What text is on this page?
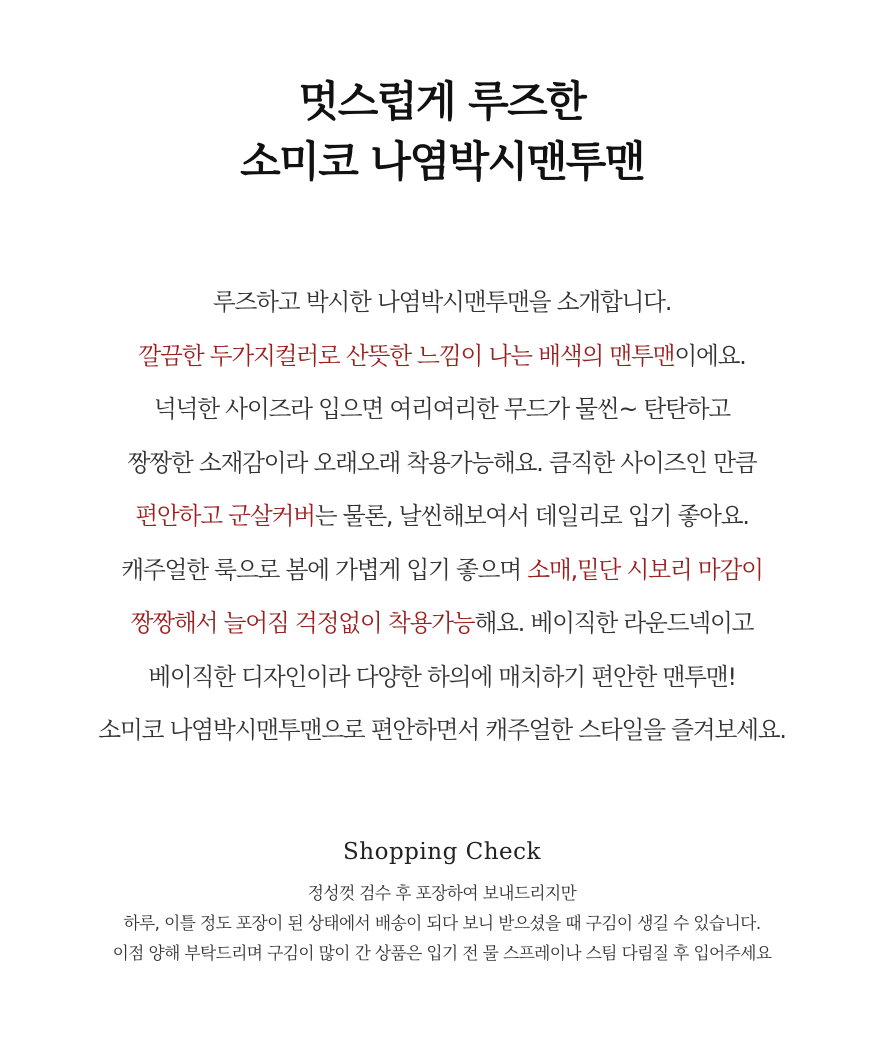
멋스럽게 루즈한
소미코 나염박시맨투맨
루즈하고 박시한 나염박시맨투맨을 소개합니다.
깔끔한 두가지컬러로 산뜻한 느낌이 나는 배색의 맨투맨이에요.
넉넉한 사이즈라 입으면 여리여리한 무드가 물씬~ 탄탄하고
짱짱한 소재감이라 오래오래 착용가능해요. 큼직한 사이즈인 만큼
편안하고 군살커버는 물론, 날씬해보여서 데일리로 입기 좋아요.
캐주얼한 룩으로 봄에 가볍게 입기 좋으며 소매,밑단 시보리 마감이
짱짱해서 늘어짐 걱정없이 착용가능해요. 베이직한 라운드넥이고
베이직한 디자인이라 다양한 하의에 매치하기 편안한 맨투맨!
소미코 나염박시맨투맨으로 편안하면서 캐주얼한 스타일을 즐겨보세요.
Shopping Check
정성껏 검수 후 포장하여 보내드리지만
하루, 이틀 정도 포장이 된 상태에서 배송이 되다 보니 받으셨을 때 구김이 생길 수 있습니다.
이점 양해 부탁드리며 구김이 많이 간 상품은 입기 전 물 스프레이나 스팀 다림질 후 입어주세요
